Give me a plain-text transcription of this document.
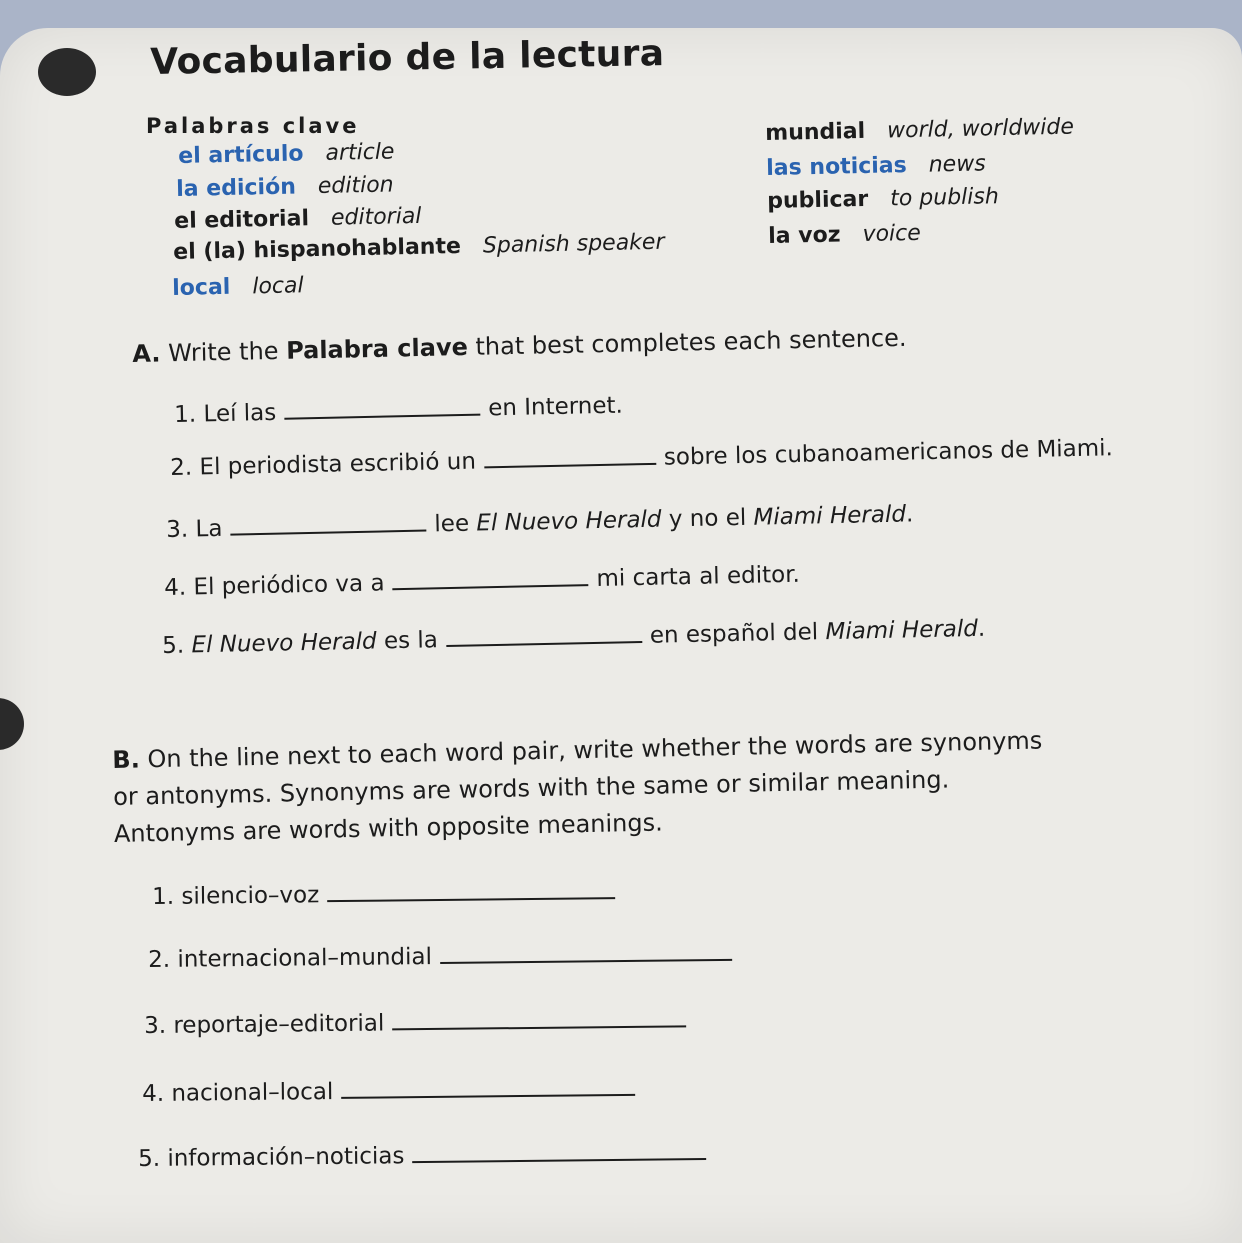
Vocabulario de la lectura
Palabras clave
el artículo article
la edición edition
el editorial editorial
el (la) hispanohablante Spanish speaker
local local
mundial world, worldwide
las noticias news
publicar to publish
la voz voice
A. Write the Palabra clave that best completes each sentence.
1. Leí las	en Internet.
2. El periodista escribió un	sobre los cubanoamericanos de Miami.
3. La	lee El Nuevo Herald y no el Miami Herald.
4. El periódico va a	mi carta al editor.
5. El Nuevo Herald es la	en español del Miami Herald.
B. On the line next to each word pair, write whether the words are synonyms
or antonyms. Synonyms are words with the same or similar meaning.
Antonyms are words with opposite meanings.
1. silencio–voz
2. internacional–mundial
3. reportaje–editorial
4. nacional–local
5. información–noticias
